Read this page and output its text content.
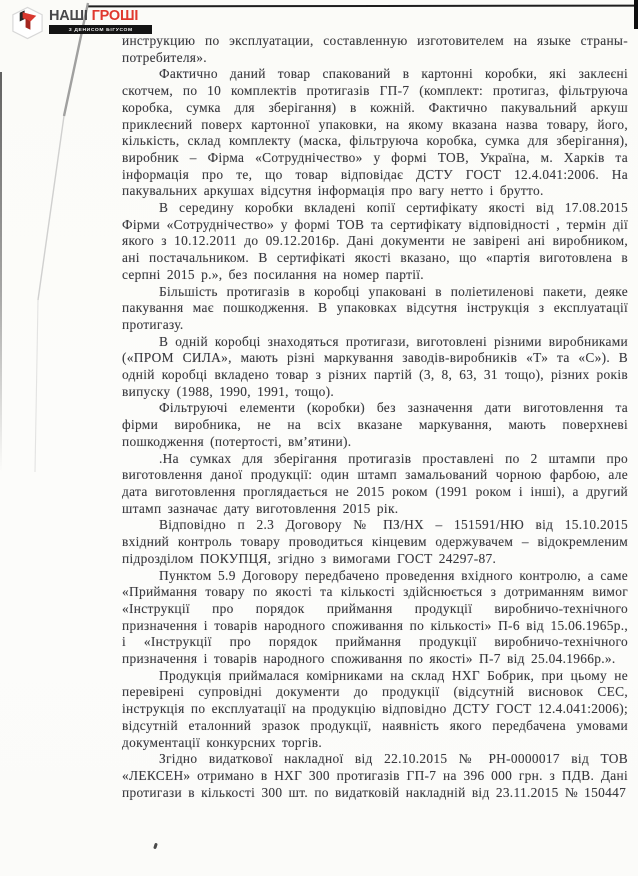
НАШІ ГРОШІ
З ДЕНИСОМ БІГУСОМ

инструкцию по эксплуатации, составленную изготовителем на языке страны-потребителя».

Фактично даний товар спакований в картонні коробки, які заклеєні скотчем, по 10 комплектів протигазів ГП-7 (комплект: протигаз, фільтруюча коробка, сумка для зберігання) в кожній. Фактично пакувальний аркуш приклеєний поверх картонної упаковки, на якому вказана назва товару, його, кількість, склад комплекту (маска, фільтруюча коробка, сумка для зберігання), виробник – Фірма «Сотруднічество» у формі ТОВ, Україна, м. Харків та інформація про те, що товар відповідає ДСТУ ГОСТ 12.4.041:2006. На пакувальних аркушах відсутня інформація про вагу нетто і брутто.

В середину коробки вкладені копії сертифікату якості від 17.08.2015 Фірми «Сотруднічество» у формі ТОВ та сертифікату відповідності , термін дії якого з 10.12.2011 до 09.12.2016р. Дані документи не завірені ані виробником, ані постачальником. В сертифікаті якості вказано, що «партія виготовлена в серпні 2015 р.», без посилання на номер партії.

Більшість протигазів в коробці упаковані в поліетиленові пакети, деяке пакування має пошкодження. В упаковках відсутня інструкція з експлуатації протигазу.

В одній коробці знаходяться протигази, виготовлені різними виробниками («ПРОМ СИЛА», мають різні маркування заводів-виробників «Т» та «С»). В одній коробці вкладено товар з різних партій (3, 8, 63, 31 тощо), різних років випуску (1988, 1990, 1991, тощо).

Фільтруючі елементи (коробки) без зазначення дати виготовлення та фірми виробника, не на всіх вказане маркування, мають поверхневі пошкодження (потертості, вм’ятини).

.На сумках для зберігання протигазів проставлені по 2 штампи про виготовлення даної продукції: один штамп замальований чорною фарбою, але дата виготовлення проглядається не 2015 роком (1991 роком і інші), а другий штамп зазначає дату виготовлення 2015 рік.

Відповідно п 2.3 Договору № ПЗ/НХ – 151591/НЮ від 15.10.2015 вхідний контроль товару проводиться кінцевим одержувачем – відокремленим підрозділом ПОКУПЦЯ, згідно з вимогами ГОСТ 24297-87.

Пунктом 5.9 Договору передбачено проведення вхідного контролю, а саме «Приймання товару по якості та кількості здійснюється з дотриманням вимог «Інструкції про порядок приймання продукції виробничо-технічного призначення і товарів народного споживання по кількості» П-6 від 15.06.1965р., і «Інструкції про порядок приймання продукції виробничо-технічного призначення і товарів народного споживання по якості» П-7 від 25.04.1966р.».

Продукція приймалася комірниками на склад НХГ Бобрик, при цьому не перевірені супровідні документи до продукції (відсутній висновок СЕС, інструкція по експлуатації на продукцію відповідно ДСТУ ГОСТ 12.4.041:2006); відсутній еталонний зразок продукції, наявність якого передбачена умовами документації конкурсних торгів.

Згідно видаткової накладної від 22.10.2015 № РН-0000017 від ТОВ «ЛЕКСЕН» отримано в НХГ 300 протигазів ГП-7 на 396 000 грн. з ПДВ. Дані протигази в кількості 300 шт. по видатковій накладній від 23.11.2015 № 150447
